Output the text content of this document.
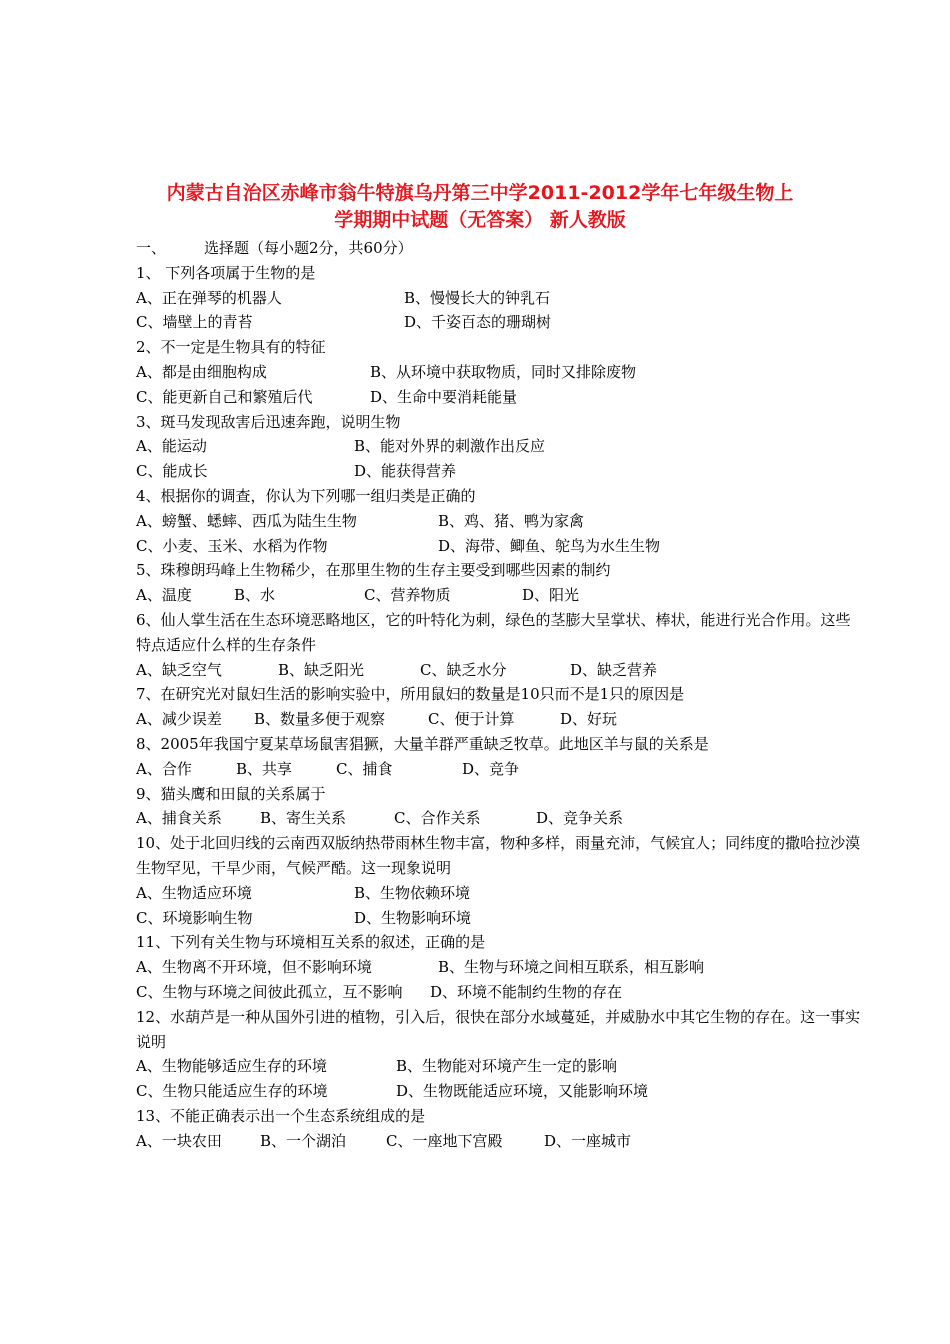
内蒙古自治区赤峰市翁牛特旗乌丹第三中学2011-2012学年七年级生物上
学期期中试题（无答案） 新人教版
一、	选择题（每小题2分，共60分）
1、 下列各项属于生物的是
A、正在弹琴的机器人	B、慢慢长大的钟乳石
C、墙壁上的青苔	D、千姿百态的珊瑚树
2、不一定是生物具有的特征
A、都是由细胞构成	B、从环境中获取物质，同时又排除废物
C、能更新自己和繁殖后代	D、生命中要消耗能量
3、斑马发现敌害后迅速奔跑，说明生物
A、能运动	B、能对外界的刺激作出反应
C、能成长	D、能获得营养
4、根据你的调查，你认为下列哪一组归类是正确的
A、螃蟹、蟋蟀、西瓜为陆生生物	B、鸡、猪、鸭为家禽
C、小麦、玉米、水稻为作物	D、海带、鲫鱼、鸵鸟为水生生物
5、珠穆朗玛峰上生物稀少，在那里生物的生存主要受到哪些因素的制约
A、温度	B、水	C、营养物质	D、阳光
6、仙人掌生活在生态环境恶略地区，它的叶特化为刺，绿色的茎膨大呈掌状、棒状，能进行光合作用。这些特点适应什么样的生存条件
A、缺乏空气	B、缺乏阳光	C、缺乏水分	D、缺乏营养
7、在研究光对鼠妇生活的影响实验中，所用鼠妇的数量是10只而不是1只的原因是
A、减少误差 B、数量多便于观察	C、便于计算	D、好玩
8、2005年我国宁夏某草场鼠害猖獗，大量羊群严重缺乏牧草。此地区羊与鼠的关系是
A、合作	B、共享	C、捕食	D、竞争
9、猫头鹰和田鼠的关系属于
A、捕食关系	B、寄生关系	C、合作关系	D、竞争关系
10、处于北回归线的云南西双版纳热带雨林生物丰富，物种多样，雨量充沛，气候宜人；同纬度的撒哈拉沙漠生物罕见，干旱少雨，气候严酷。这一现象说明
A、生物适应环境	B、生物依赖环境
C、环境影响生物	D、生物影响环境
11、下列有关生物与环境相互关系的叙述，正确的是
A、生物离不开环境，但不影响环境	B、生物与环境之间相互联系，相互影响
C、生物与环境之间彼此孤立，互不影响 D、环境不能制约生物的存在
12、水葫芦是一种从国外引进的植物，引入后，很快在部分水域蔓延，并威胁水中其它生物的存在。这一事实说明
A、生物能够适应生存的环境	B、生物能对环境产生一定的影响
C、生物只能适应生存的环境	D、生物既能适应环境，又能影响环境
13、不能正确表示出一个生态系统组成的是
A、一块农田	B、一个湖泊	C、一座地下宫殿	D、一座城市
